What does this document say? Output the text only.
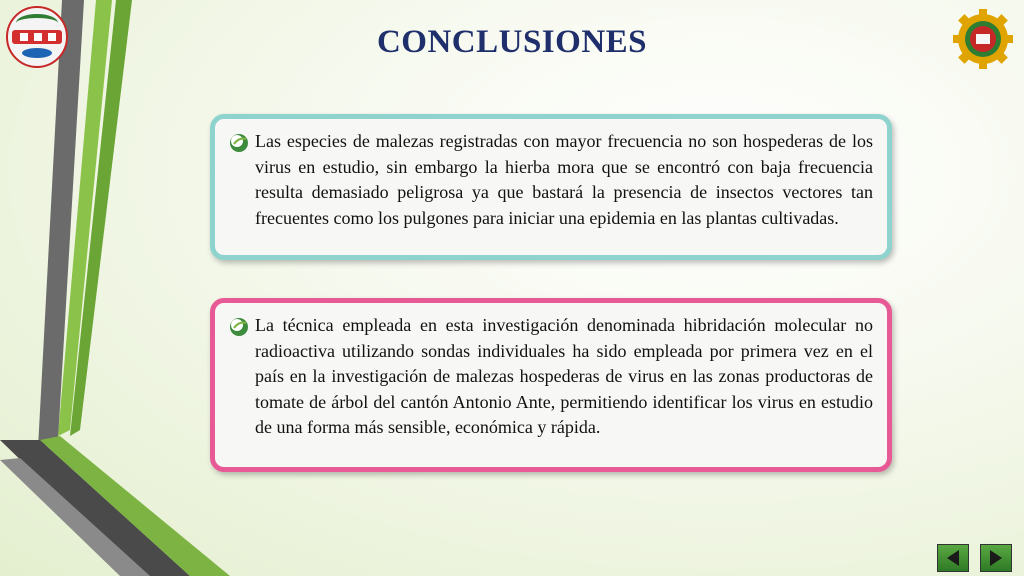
CONCLUSIONES
Las especies de malezas registradas con mayor frecuencia no son hospederas de los virus en estudio, sin embargo la hierba mora que se encontró con baja frecuencia resulta demasiado peligrosa ya que bastará la presencia de insectos vectores tan frecuentes como los pulgones para iniciar una epidemia en las plantas cultivadas.
La técnica empleada en esta investigación denominada hibridación molecular no radioactiva utilizando sondas individuales ha sido empleada por primera vez en el país en la investigación de malezas hospederas de virus en las zonas productoras de tomate de árbol del cantón Antonio Ante, permitiendo identificar los virus en estudio de una forma más sensible, económica y rápida.
